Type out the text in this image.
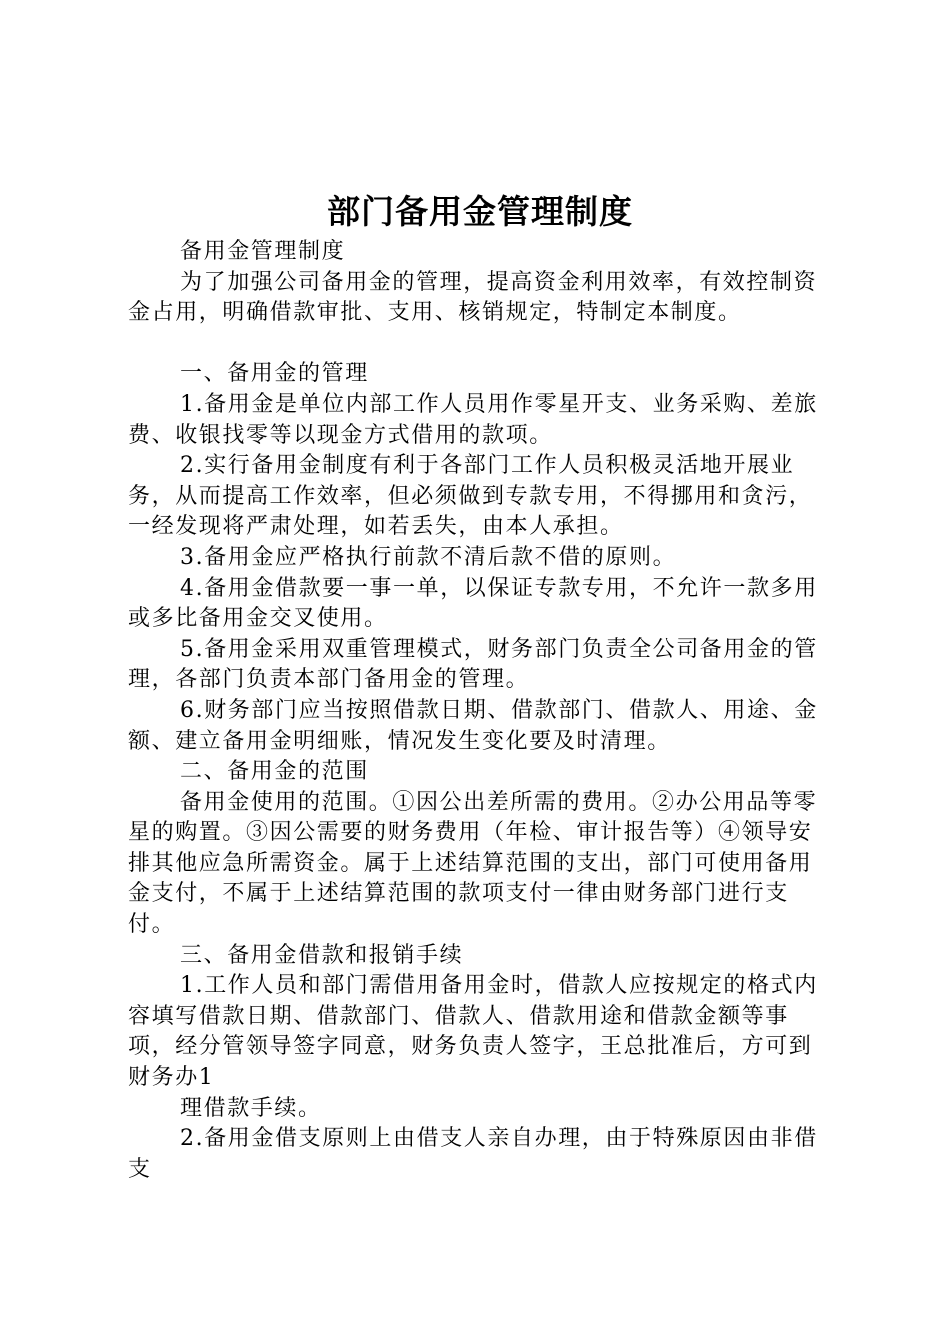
部门备用金管理制度

备用金管理制度

为了加强公司备用金的管理，提高资金利用效率，有效控制资金占用，明确借款审批、支用、核销规定，特制定本制度。

一、备用金的管理

1.备用金是单位内部工作人员用作零星开支、业务采购、差旅费、收银找零等以现金方式借用的款项。

2.实行备用金制度有利于各部门工作人员积极灵活地开展业务，从而提高工作效率，但必须做到专款专用，不得挪用和贪污，一经发现将严肃处理，如若丢失，由本人承担。

3.备用金应严格执行前款不清后款不借的原则。

4.备用金借款要一事一单，以保证专款专用，不允许一款多用或多比备用金交叉使用。

5.备用金采用双重管理模式，财务部门负责全公司备用金的管理，各部门负责本部门备用金的管理。

6.财务部门应当按照借款日期、借款部门、借款人、用途、金额、建立备用金明细账，情况发生变化要及时清理。

二、备用金的范围

备用金使用的范围。①因公出差所需的费用。②办公用品等零星的购置。③因公需要的财务费用（年检、审计报告等）④领导安排其他应急所需资金。属于上述结算范围的支出，部门可使用备用金支付，不属于上述结算范围的款项支付一律由财务部门进行支付。

三、备用金借款和报销手续

1.工作人员和部门需借用备用金时，借款人应按规定的格式内容填写借款日期、借款部门、借款人、借款用途和借款金额等事项，经分管领导签字同意，财务负责人签字，王总批准后，方可到财务办1

理借款手续。

2.备用金借支原则上由借支人亲自办理，由于特殊原因由非借支
